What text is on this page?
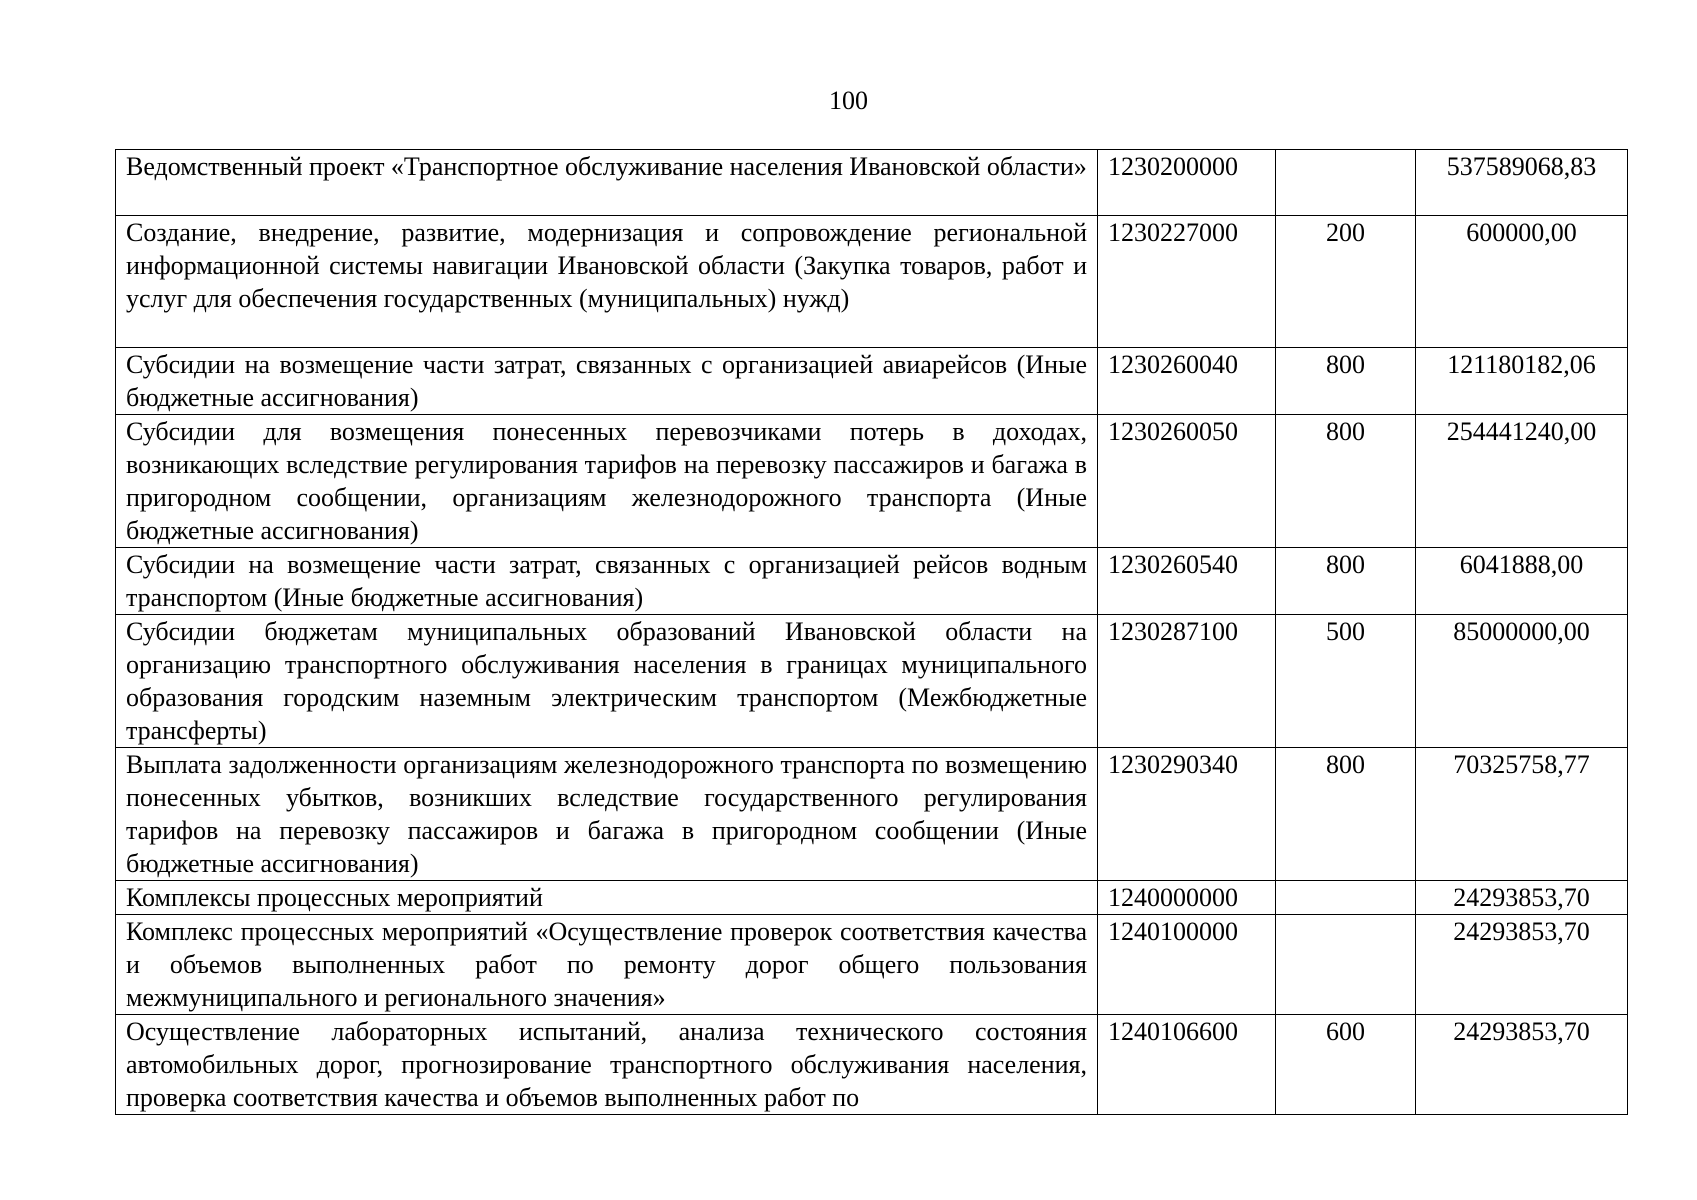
100
Ведомственный проект «Транспортное обслуживание населения Ивановской области»	1230200000		537589068,83
Создание, внедрение, развитие, модернизация и сопровождение региональной информационной системы навигации Ивановской области (Закупка товаров, работ и услуг для обеспечения государственных (муниципальных) нужд)	1230227000	200	600000,00
Субсидии на возмещение части затрат, связанных с организацией авиарейсов (Иные бюджетные ассигнования)	1230260040	800	121180182,06
Субсидии для возмещения понесенных перевозчиками потерь в доходах, возникающих вследствие регулирования тарифов на перевозку пассажиров и багажа в пригородном сообщении, организациям железнодорожного транспорта (Иные бюджетные ассигнования)	1230260050	800	254441240,00
Субсидии на возмещение части затрат, связанных с организацией рейсов водным транспортом (Иные бюджетные ассигнования)	1230260540	800	6041888,00
Субсидии бюджетам муниципальных образований Ивановской области на организацию транспортного обслуживания населения в границах муниципального образования городским наземным электрическим транспортом (Межбюджетные трансферты)	1230287100	500	85000000,00
Выплата задолженности организациям железнодорожного транспорта по возмещению понесенных убытков, возникших вследствие государственного регулирования тарифов на перевозку пассажиров и багажа в пригородном сообщении (Иные бюджетные ассигнования)	1230290340	800	70325758,77
Комплексы процессных мероприятий	1240000000		24293853,70
Комплекс процессных мероприятий «Осуществление проверок соответствия качества и объемов выполненных работ по ремонту дорог общего пользования межмуниципального и регионального значения»	1240100000		24293853,70
Осуществление лабораторных испытаний, анализа технического состояния автомобильных дорог, прогнозирование транспортного обслуживания населения, проверка соответствия качества и объемов выполненных работ по	1240106600	600	24293853,70
